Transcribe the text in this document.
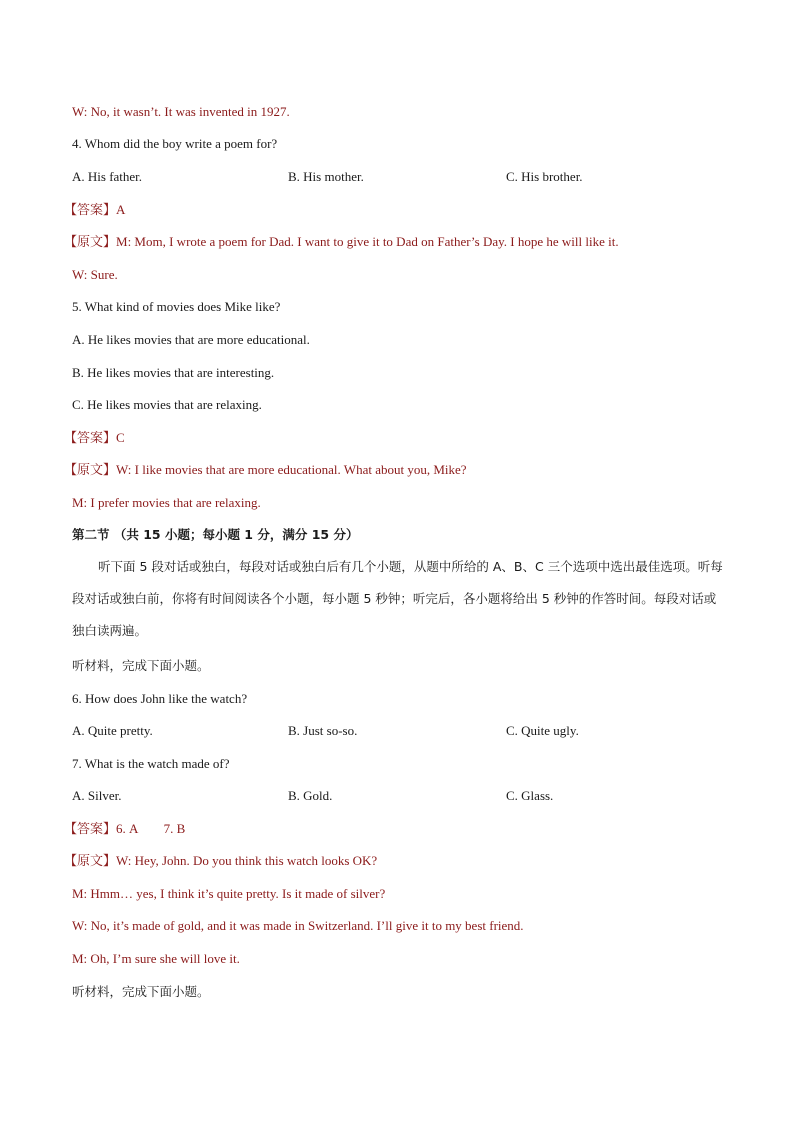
W: No, it wasn’t. It was invented in 1927.
4. Whom did the boy write a poem for?
A. His father.	B. His mother.	C. His brother.
【答案】A
【原文】M: Mom, I wrote a poem for Dad. I want to give it to Dad on Father’s Day. I hope he will like it.
W: Sure.
5. What kind of movies does Mike like?
A. He likes movies that are more educational.
B. He likes movies that are interesting.
C. He likes movies that are relaxing.
【答案】C
【原文】W: I like movies that are more educational. What about you, Mike?
M: I prefer movies that are relaxing.
第二节 （共 15 小题；每小题 1 分，满分 15 分）
听下面 5 段对话或独白，每段对话或独白后有几个小题，从题中所给的 A、B、C 三个选项中选出最佳选项。听每段对话或独白前，你将有时间阅读各个小题，每小题 5 秒钟；听完后，各小题将给出 5 秒钟的作答时间。每段对话或独白读两遍。
听材料，完成下面小题。
6. How does John like the watch?
A. Quite pretty.	B. Just so-so.	C. Quite ugly.
7. What is the watch made of?
A. Silver.	B. Gold.	C. Glass.
【答案】6. A        7. B
【原文】W: Hey, John. Do you think this watch looks OK?
M: Hmm… yes, I think it’s quite pretty. Is it made of silver?
W: No, it’s made of gold, and it was made in Switzerland. I’ll give it to my best friend.
M: Oh, I’m sure she will love it.
听材料，完成下面小题。
